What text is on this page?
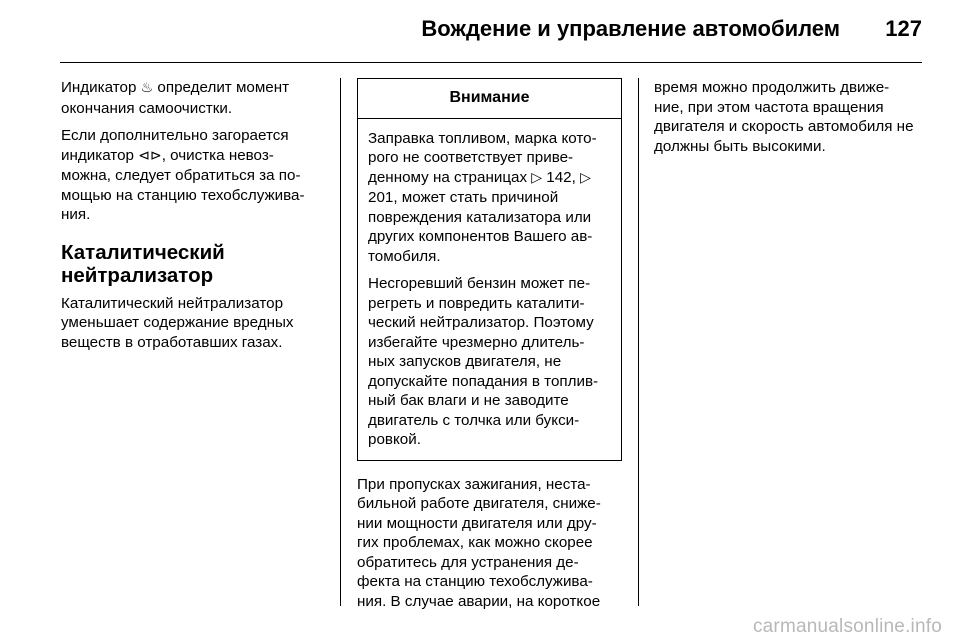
Вождение и управление автомобилем 127

Индикатор ♨ определит момент окончания самоочистки.

Если дополнительно загорается индикатор ⊲⊳, очистка невоз- можна, следует обратиться за по- мощью на станцию техобслужива- ния.

Каталитический нейтрализатор

Каталитический нейтрализатор уменьшает содержание вредных веществ в отработавших газах.

Внимание

Заправка топливом, марка кото- рого не соответствует приве- денному на страницах ▷ 142, ▷ 201, может стать причиной повреждения катализатора или других компонентов Вашего ав- томобиля.

Несгоревший бензин может пе- регреть и повредить каталити- ческий нейтрализатор. Поэтому избегайте чрезмерно длитель- ных запусков двигателя, не допускайте попадания в топлив- ный бак влаги и не заводите двигатель с толчка или букси- ровкой.

При пропусках зажигания, неста- бильной работе двигателя, сниже- нии мощности двигателя или дру- гих проблемах, как можно скорее обратитесь для устранения де- фекта на станцию техобслужива- ния. В случае аварии, на короткое

время можно продолжить движе- ние, при этом частота вращения двигателя и скорость автомобиля не должны быть высокими.

carmanualsonline.info
